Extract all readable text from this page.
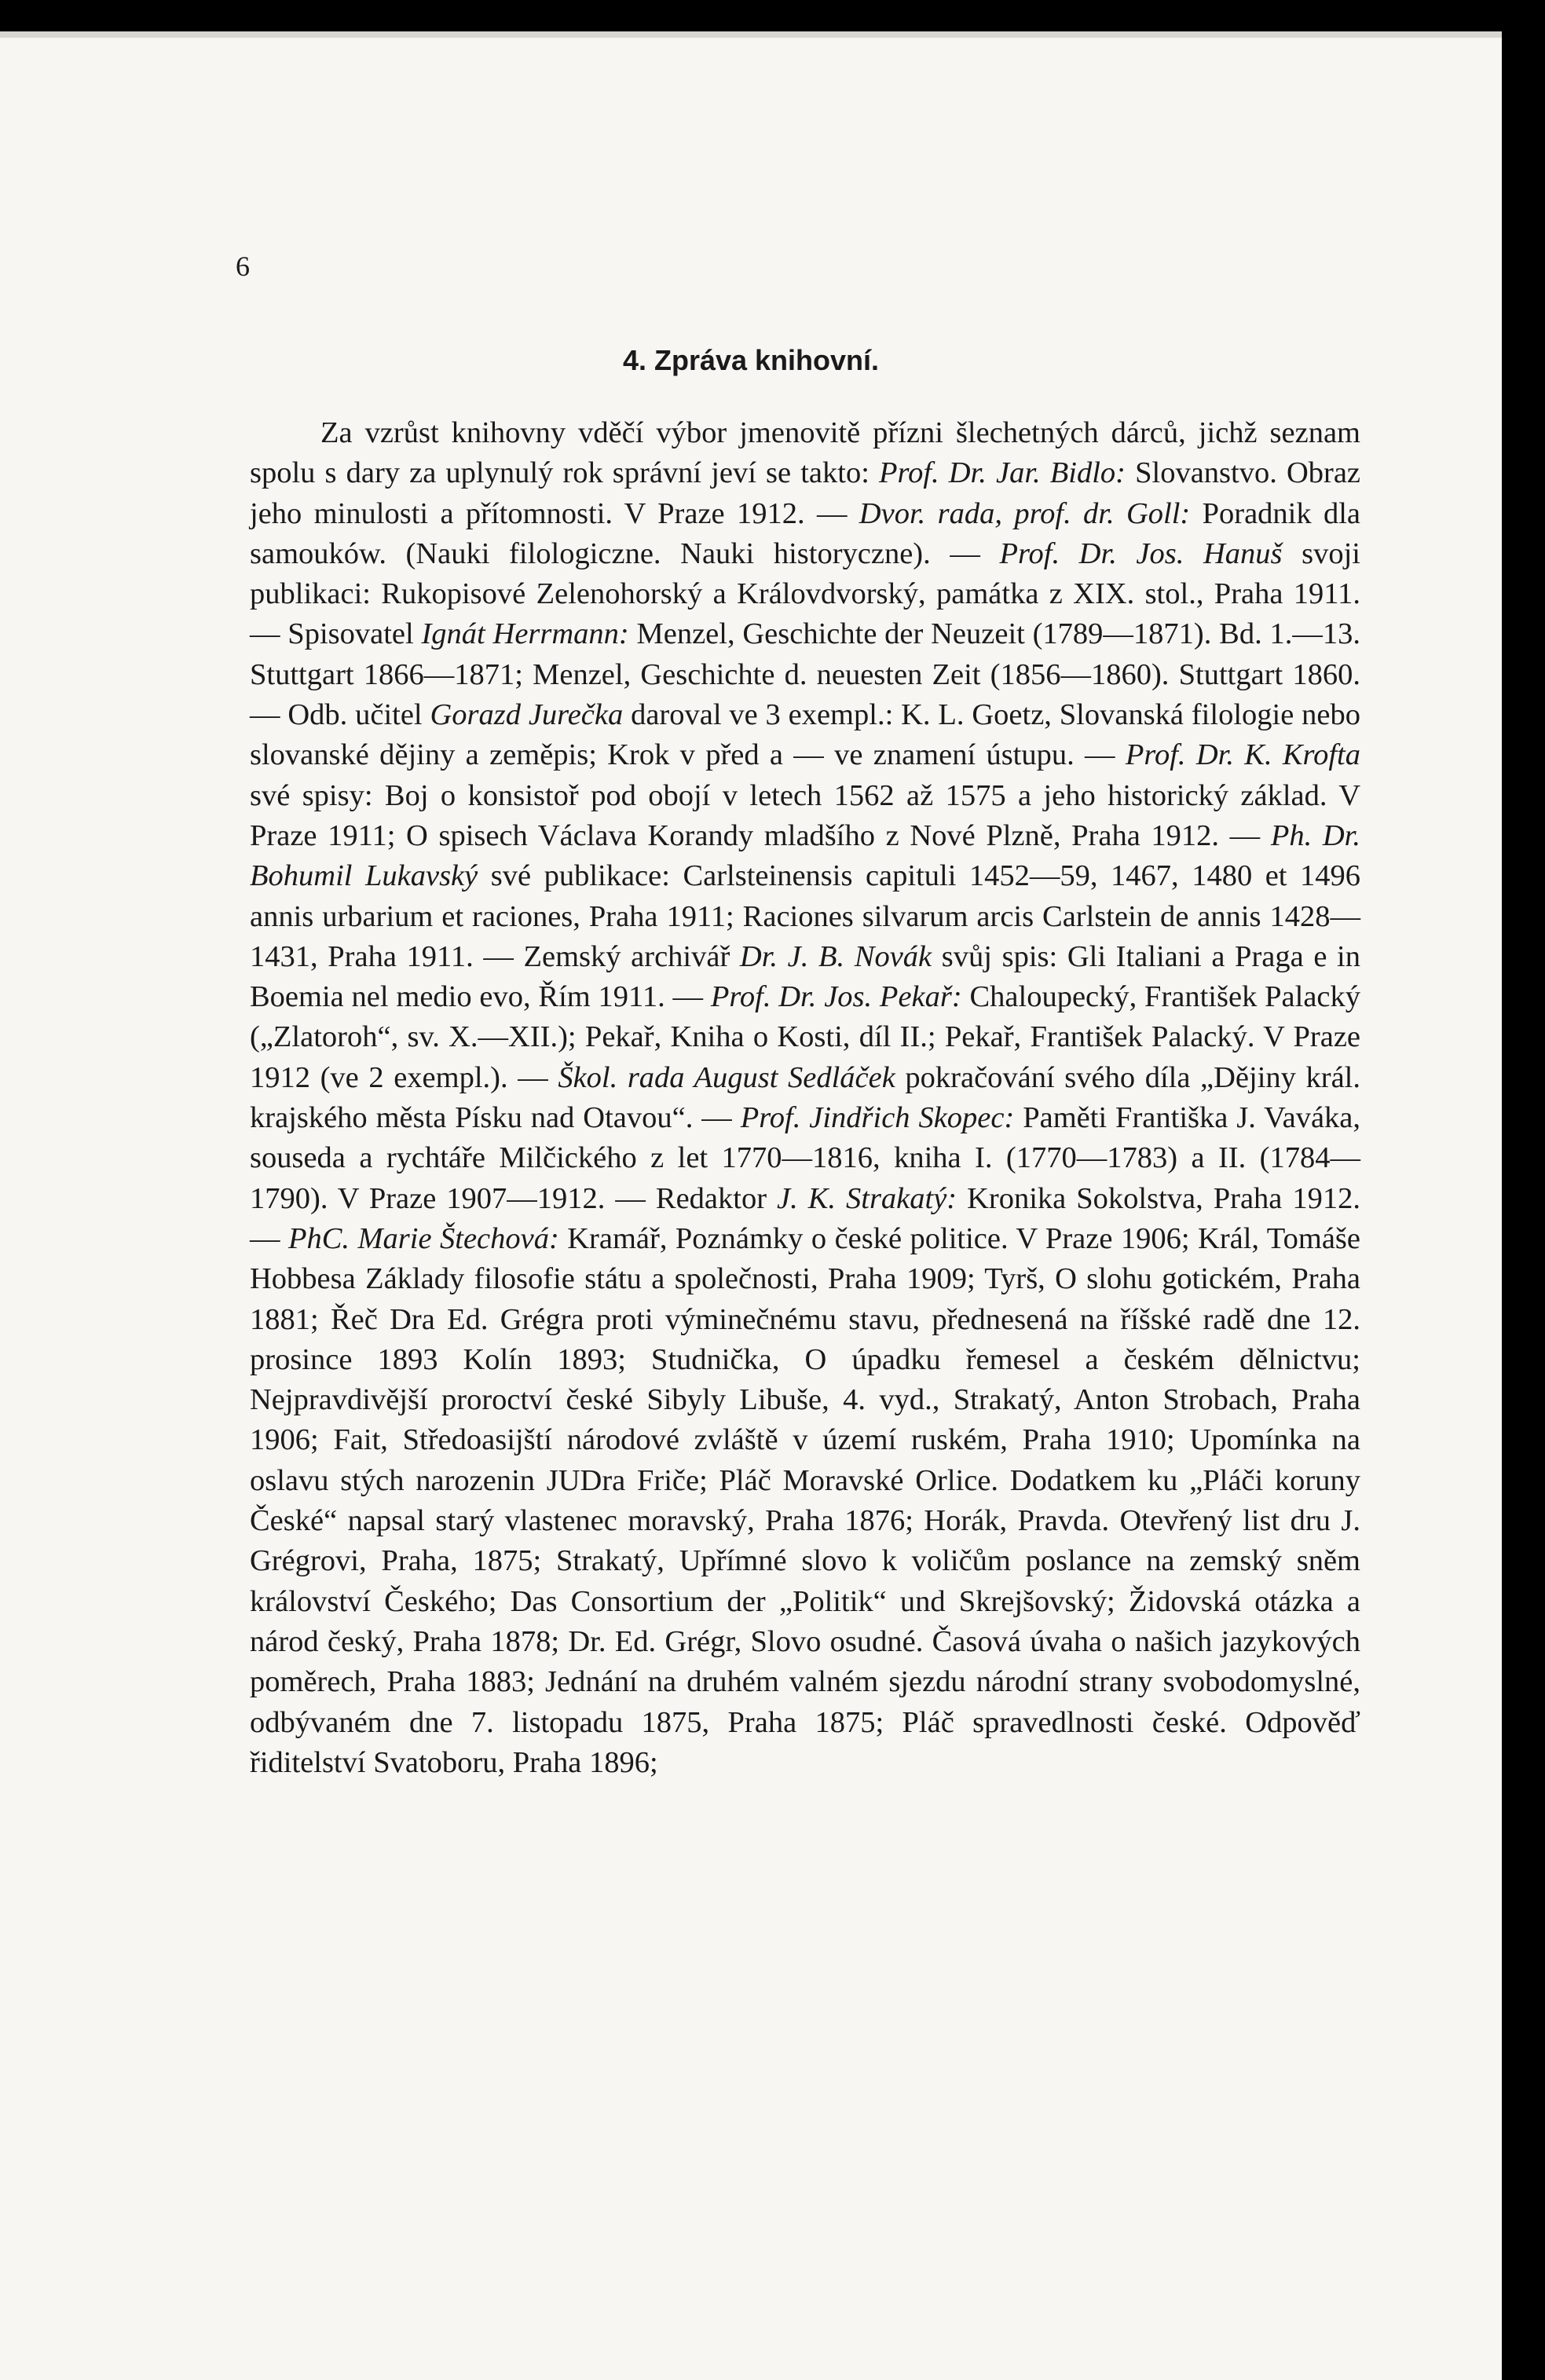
6
4. Zpráva knihovní.

Za vzrůst knihovny vděčí výbor jmenovitě přízni šlechetných dárců, jichž seznam spolu s dary za uplynulý rok správní jeví se takto: Prof. Dr. Jar. Bidlo: Slovanstvo. Obraz jeho minulosti a přítomnosti. V Praze 1912. — Dvor. rada, prof. dr. Goll: Poradnik dla samouków. (Nauki filologiczne. Nauki historyczne). — Prof. Dr. Jos. Hanuš svoji publikaci: Rukopisové Zelenohorský a Královdvorský, památka z XIX. stol., Praha 1911. — Spisovatel Ignát Herrmann: Menzel, Geschichte der Neuzeit (1789—1871). Bd. 1.—13. Stuttgart 1866—1871; Menzel, Geschichte d. neuesten Zeit (1856—1860). Stuttgart 1860. — Odb. učitel Gorazd Jurečka daroval ve 3 exempl.: K. L. Goetz, Slovanská filologie nebo slovanské dějiny a zeměpis; Krok v před a — ve znamení ústupu. — Prof. Dr. K. Krofta své spisy: Boj o konsistoř pod obojí v letech 1562 až 1575 a jeho historický základ. V Praze 1911; O spisech Václava Korandy mladšího z Nové Plzně, Praha 1912. — Ph. Dr. Bohumil Lukavský své publikace: Carlsteinensis capituli 1452—59, 1467, 1480 et 1496 annis urbarium et raciones, Praha 1911; Raciones silvarum arcis Carlstein de annis 1428—1431, Praha 1911. — Zemský archivář Dr. J. B. Novák svůj spis: Gli Italiani a Praga e in Boemia nel medio evo, Řím 1911. — Prof. Dr. Jos. Pekař: Chaloupecký, František Palacký („Zlatoroh“, sv. X.—XII.); Pekař, Kniha o Kosti, díl II.; Pekař, František Palacký. V Praze 1912 (ve 2 exempl.). — Škol. rada August Sedláček pokračování svého díla „Dějiny král. krajského města Písku nad Otavou“. — Prof. Jindřich Skopec: Paměti Františka J. Vaváka, souseda a rychtáře Milčického z let 1770—1816, kniha I. (1770—1783) a II. (1784—1790). V Praze 1907—1912. — Redaktor J. K. Strakatý: Kronika Sokolstva, Praha 1912. — PhC. Marie Štechová: Kramář, Poznámky o české politice. V Praze 1906; Král, Tomáše Hobbesa Základy filosofie státu a společnosti, Praha 1909; Tyrš, O slohu gotickém, Praha 1881; Řeč Dra Ed. Grégra proti výminečnému stavu, přednesená na říšské radě dne 12. prosince 1893 Kolín 1893; Studnička, O úpadku řemesel a českém dělnictvu; Nejpravdivější proroctví české Sibyly Libuše, 4. vyd., Strakatý, Anton Strobach, Praha 1906; Fait, Středoasijští národové zvláště v území ruském, Praha 1910; Upomínka na oslavu stých narozenin JUDra Friče; Pláč Moravské Orlice. Dodatkem ku „Pláči koruny České“ napsal starý vlastenec moravský, Praha 1876; Horák, Pravda. Otevřený list dru J. Grégrovi, Praha, 1875; Strakatý, Upřímné slovo k voličům poslance na zemský sněm království Českého; Das Consortium der „Politik“ und Skrejšovský; Židovská otázka a národ český, Praha 1878; Dr. Ed. Grégr, Slovo osudné. Časová úvaha o našich jazykových poměrech, Praha 1883; Jednání na druhém valném sjezdu národní strany svobodomyslné, odbývaném dne 7. listopadu 1875, Praha 1875; Pláč spravedlnosti české. Odpověď řiditelství Svatoboru, Praha 1896;
